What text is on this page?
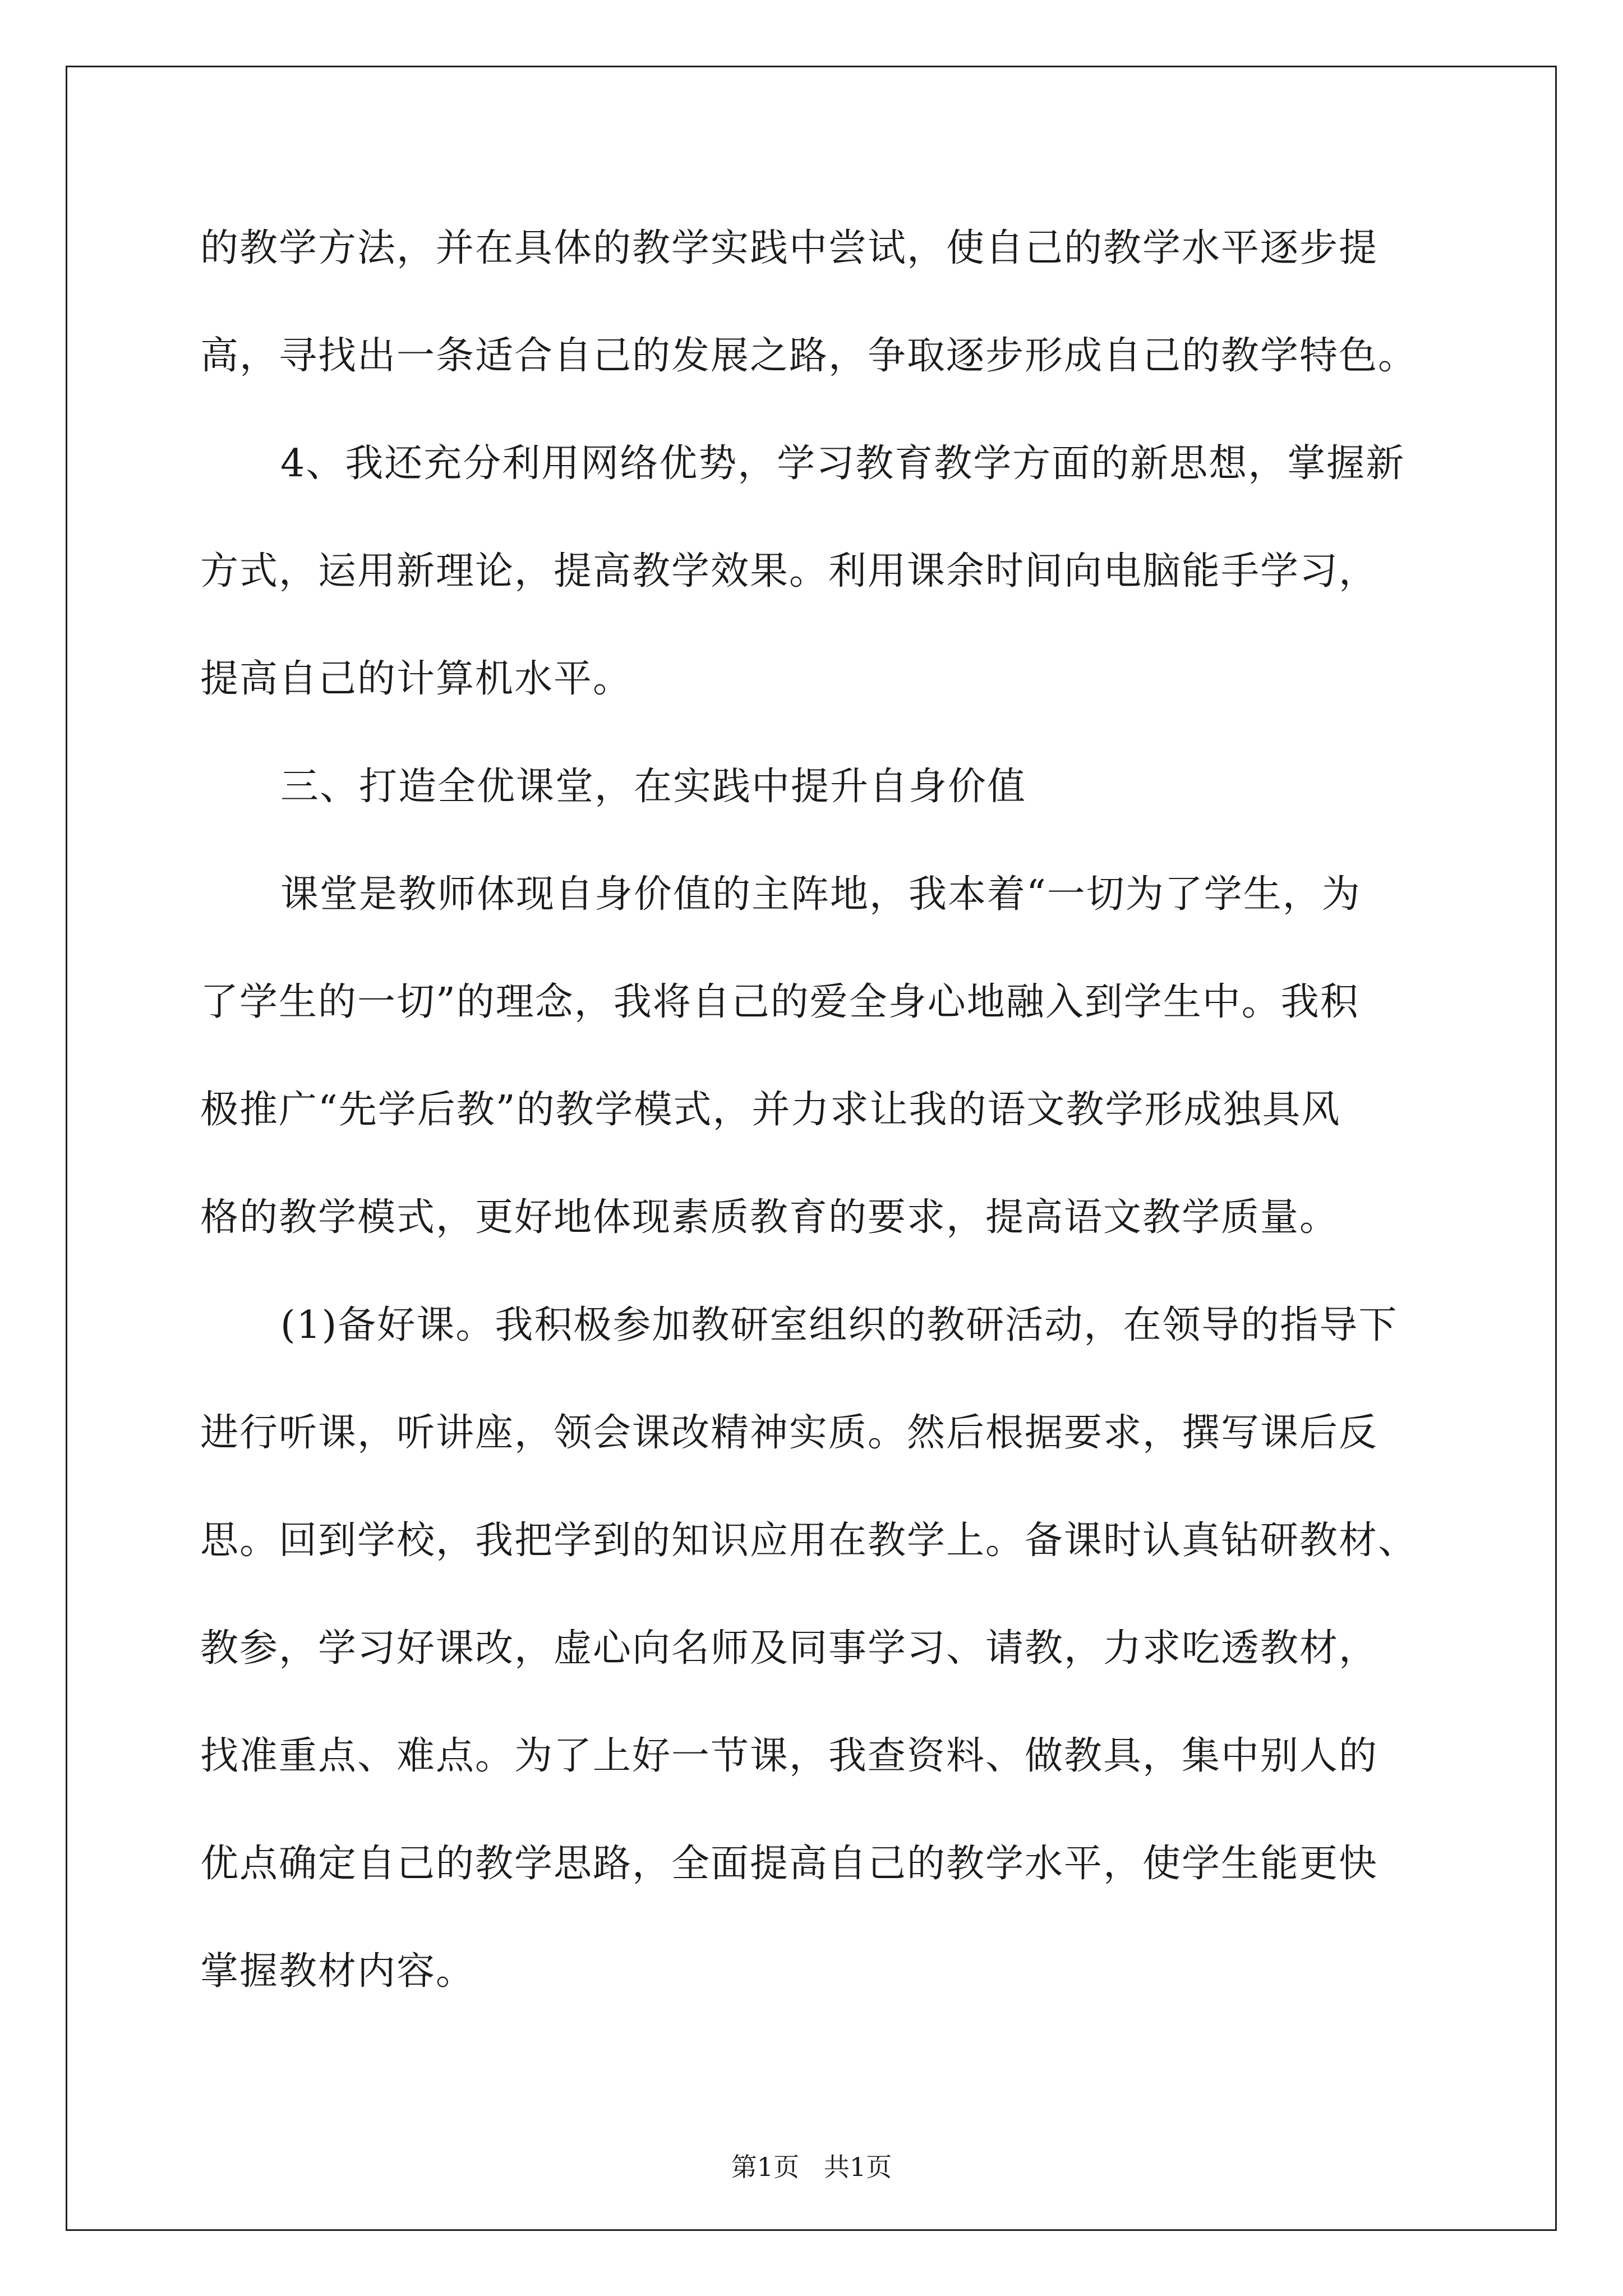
的教学方法，并在具体的教学实践中尝试，使自己的教学水平逐步提
高，寻找出一条适合自己的发展之路，争取逐步形成自己的教学特色。
4、我还充分利用网络优势，学习教育教学方面的新思想，掌握新
方式，运用新理论，提高教学效果。利用课余时间向电脑能手学习，
提高自己的计算机水平。
三、打造全优课堂，在实践中提升自身价值
课堂是教师体现自身价值的主阵地，我本着“一切为了学生，为
了学生的一切”的理念，我将自己的爱全身心地融入到学生中。我积
极推广“先学后教”的教学模式，并力求让我的语文教学形成独具风
格的教学模式，更好地体现素质教育的要求，提高语文教学质量。
(1)备好课。我积极参加教研室组织的教研活动，在领导的指导下
进行听课，听讲座，领会课改精神实质。然后根据要求，撰写课后反
思。回到学校，我把学到的知识应用在教学上。备课时认真钻研教材、
教参，学习好课改，虚心向名师及同事学习、请教，力求吃透教材，
找准重点、难点。为了上好一节课，我查资料、做教具，集中别人的
优点确定自己的教学思路，全面提高自己的教学水平，使学生能更快
掌握教材内容。
第1页   共1页
